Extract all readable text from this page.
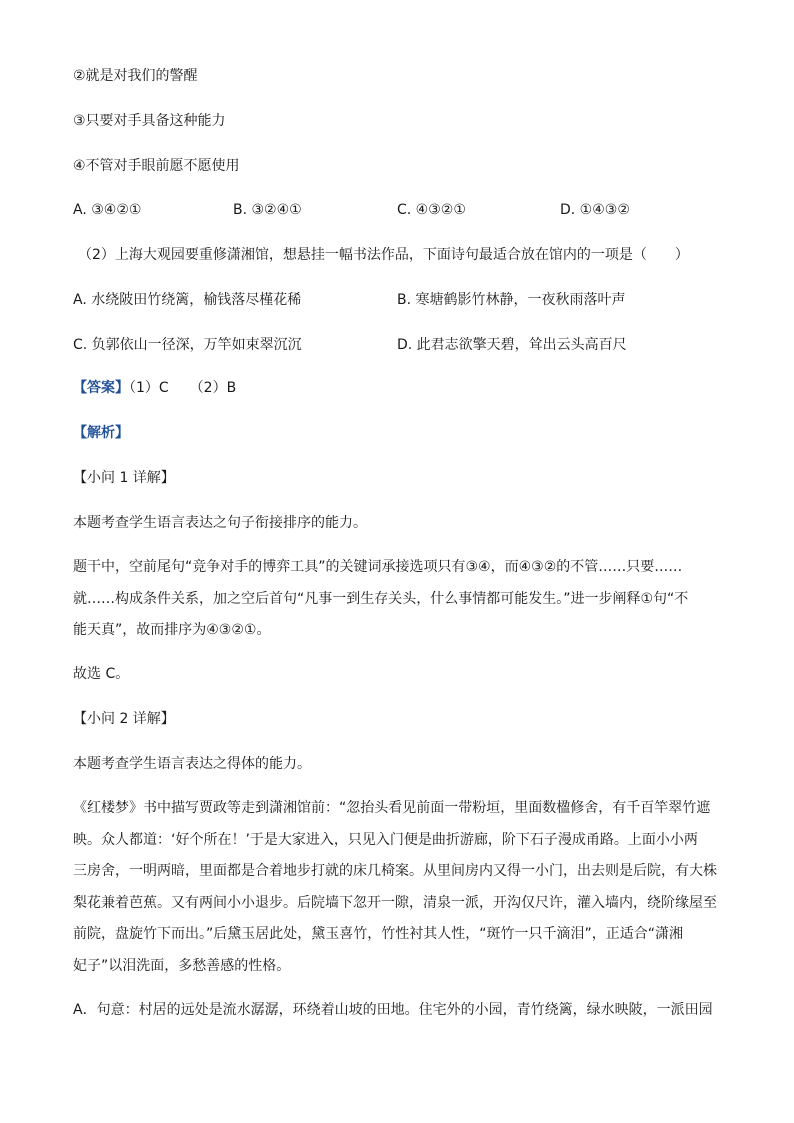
②就是对我们的警醒
③只要对手具备这种能力
④不管对手眼前愿不愿使用
A. ③④②①	B. ③②④①	C. ④③②①	D. ①④③②
（2）上海大观园要重修潇湘馆，想悬挂一幅书法作品，下面诗句最适合放在馆内的一项是（　　）
A. 水绕陂田竹绕篱，榆钱落尽槿花稀	B. 寒塘鹤影竹林静，一夜秋雨落叶声
C. 负郭依山一径深，万竿如束翠沉沉	D. 此君志欲擎天碧，耸出云头高百尺
【答案】（1）C　　（2）B
【解析】
【小问 1 详解】
本题考查学生语言表达之句子衔接排序的能力。
题干中，空前尾句“竞争对手的博弈工具”的关键词承接选项只有③④，而④③②的不管……只要……
就……构成条件关系，加之空后首句“凡事一到生存关头，什么事情都可能发生。”进一步阐释①句“不
能天真”，故而排序为④③②①。
故选 C。
【小问 2 详解】
本题考查学生语言表达之得体的能力。
《红楼梦》书中描写贾政等走到潇湘馆前：“忽抬头看见前面一带粉垣，里面数楹修舍，有千百竿翠竹遮
映。众人都道：‘好个所在！’于是大家进入，只见入门便是曲折游廊，阶下石子漫成甬路。上面小小两
三房舍，一明两暗，里面都是合着地步打就的床几椅案。从里间房内又得一小门，出去则是后院，有大株
梨花兼着芭蕉。又有两间小小退步。后院墙下忽开一隙，清泉一派，开沟仅尺许，灌入墙内，绕阶缘屋至
前院，盘旋竹下而出。”后黛玉居此处，黛玉喜竹，竹性衬其人性，“斑竹一只千滴泪”，正适合“潇湘
妃子”以泪洗面，多愁善感的性格。
A．句意：村居的远处是流水潺潺，环绕着山坡的田地。住宅外的小园，青竹绕篱，绿水映陂，一派田园
